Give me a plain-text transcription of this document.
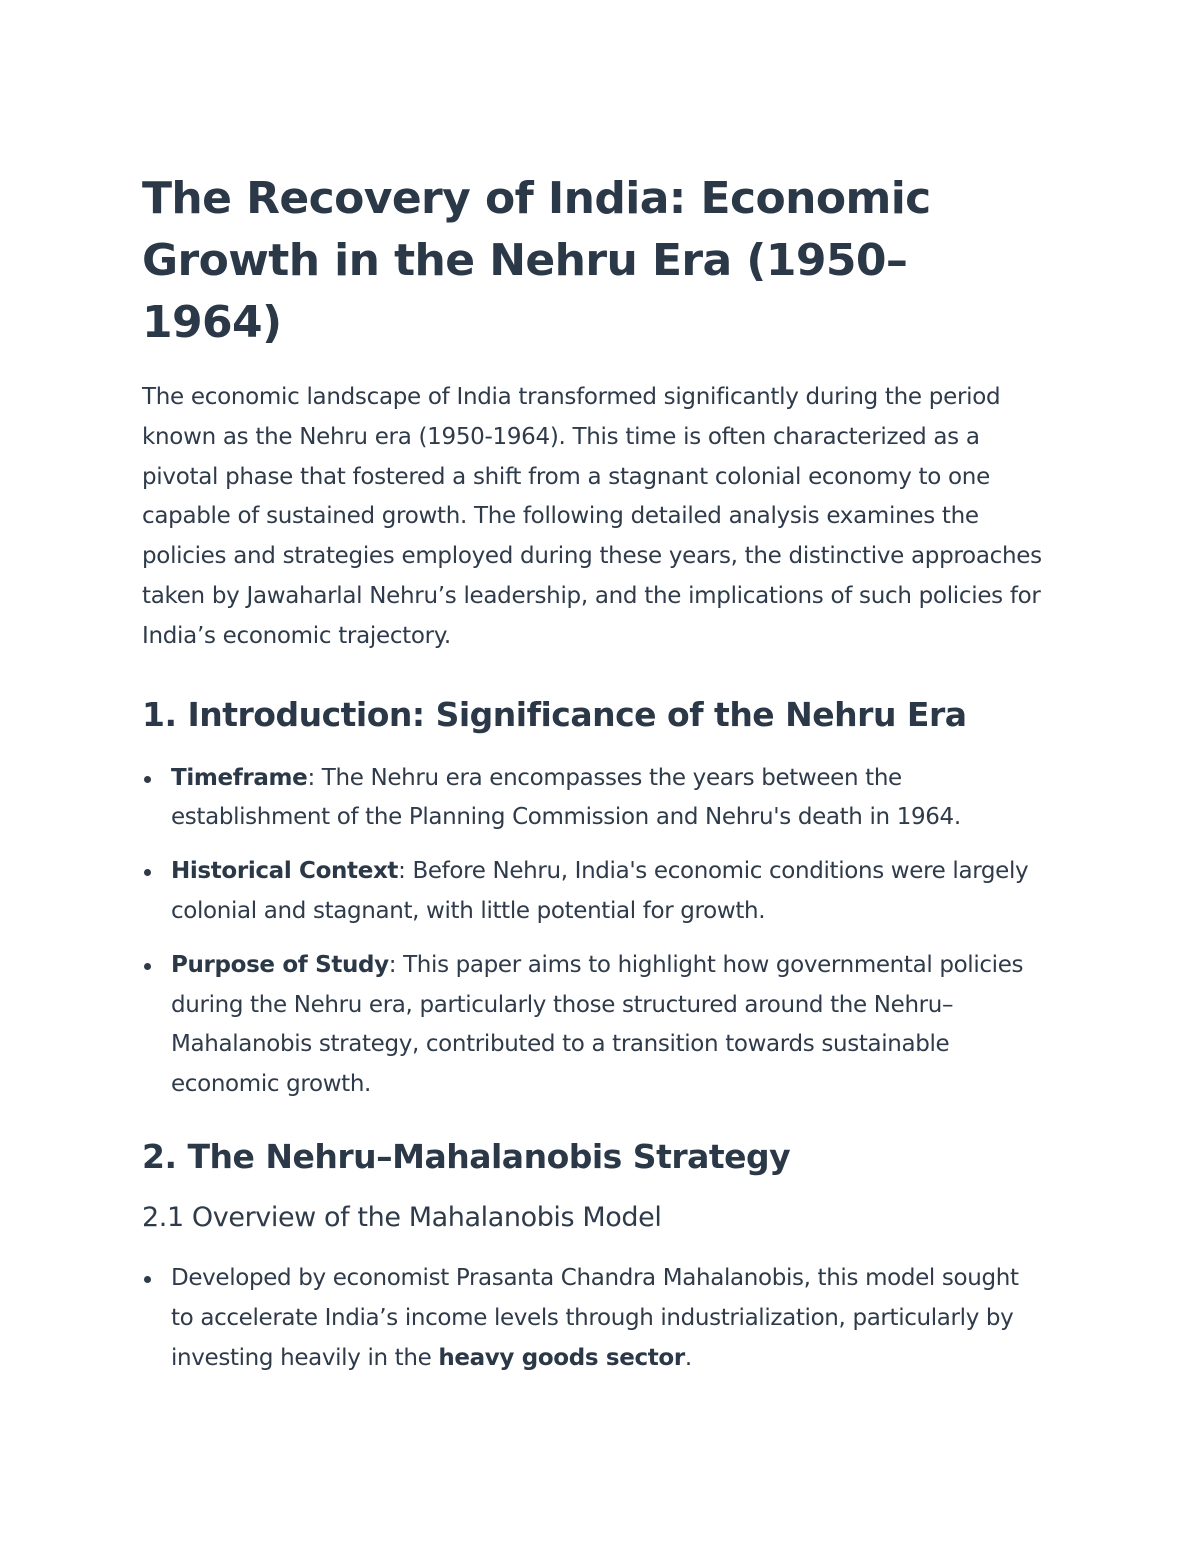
The Recovery of India: Economic Growth in the Nehru Era (1950–1964)

The economic landscape of India transformed significantly during the period known as the Nehru era (1950-1964). This time is often characterized as a pivotal phase that fostered a shift from a stagnant colonial economy to one capable of sustained growth. The following detailed analysis examines the policies and strategies employed during these years, the distinctive approaches taken by Jawaharlal Nehru’s leadership, and the implications of such policies for India’s economic trajectory.

1. Introduction: Significance of the Nehru Era
Timeframe: The Nehru era encompasses the years between the establishment of the Planning Commission and Nehru's death in 1964.
Historical Context: Before Nehru, India's economic conditions were largely colonial and stagnant, with little potential for growth.
Purpose of Study: This paper aims to highlight how governmental policies during the Nehru era, particularly those structured around the Nehru–Mahalanobis strategy, contributed to a transition towards sustainable economic growth.
2. The Nehru–Mahalanobis Strategy
2.1 Overview of the Mahalanobis Model
Developed by economist Prasanta Chandra Mahalanobis, this model sought to accelerate India’s income levels through industrialization, particularly by investing heavily in the heavy goods sector.
